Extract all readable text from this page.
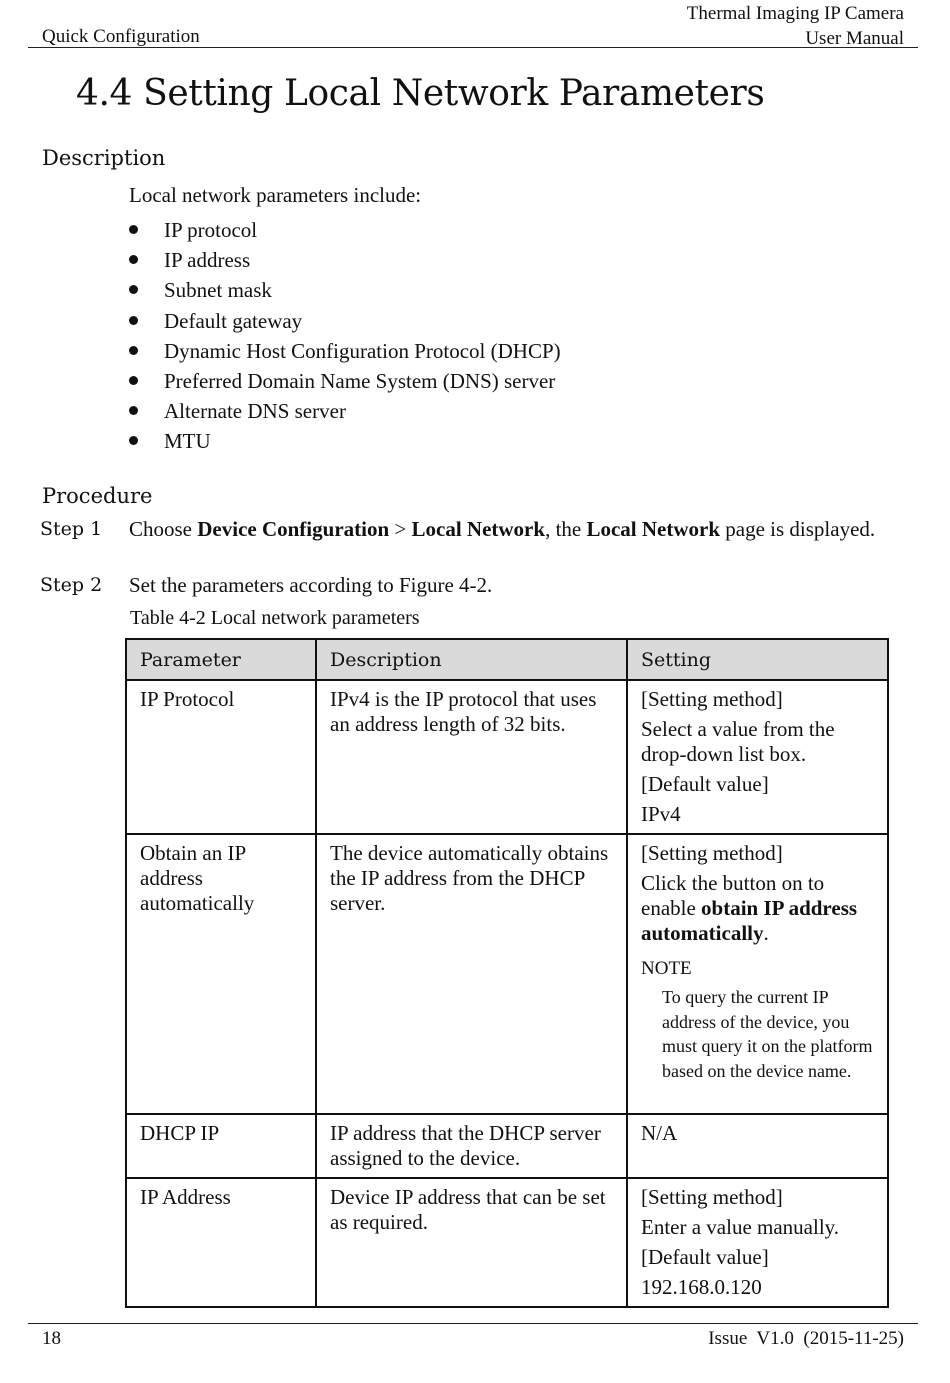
Quick Configuration
Thermal Imaging IP Camera
User Manual
4.4 Setting Local Network Parameters
Description
Local network parameters include:
IP protocol
IP address
Subnet mask
Default gateway
Dynamic Host Configuration Protocol (DHCP)
Preferred Domain Name System (DNS) server
Alternate DNS server
MTU
Procedure
Step 1 Choose Device Configuration > Local Network, the Local Network page is displayed.
Step 2 Set the parameters according to Figure 4-2.
Table 4-2 Local network parameters
Parameter	Description	Setting
IP Protocol	IPv4 is the IP protocol that uses an address length of 32 bits.	[Setting method]
Select a value from the drop-down list box.
[Default value]
IPv4

Obtain an IP address automatically	The device automatically obtains the IP address from the DHCP server.	[Setting method]
Click the button on to enable obtain IP address automatically.
NOTE
To query the current IP address of the device, you must query it on the platform based on the device name.

DHCP IP	IP address that the DHCP server assigned to the device.	N/A
IP Address	Device IP address that can be set as required.	[Setting method]
Enter a value manually.
[Default value]
192.168.0.120
18	Issue  V1.0  (2015-11-25)
